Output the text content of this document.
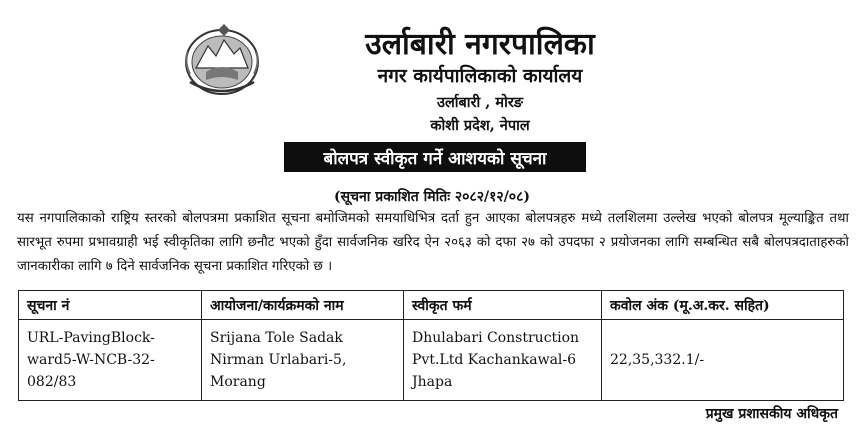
उर्लाबारी नगरपालिका
नगर कार्यपालिकाको कार्यालय
उर्लाबारी , मोरङ
कोशी प्रदेश, नेपाल
बोलपत्र स्वीकृत गर्ने आशयको सूचना
(सूचना प्रकाशित मितिः २०८२/१२/०८)

यस नगपालिकाको राष्ट्रिय स्तरको बोलपत्रमा प्रकाशित सूचना बमोजिमको समयाधिभित्र दर्ता हुन आएका बोलपत्रहरु मध्ये तलशिलमा उल्लेख भएको बोलपत्र मूल्याङ्कित तथा सारभूत रुपमा प्रभावग्राही भई स्वीकृतिका लागि छनौट भएको हुँदा सार्वजनिक खरिद ऐन २०६३ को दफा २७ को उपदफा २ प्रयोजनका लागि सम्बन्धित सबै बोलपत्रदाताहरुको जानकारीका लागि ७ दिने सार्वजनिक सूचना प्रकाशित गरिएको छ ।

सूचना नं	आयोजना/कार्यक्रमको नाम	स्वीकृत फर्म	कवोल अंक (मू.अ.कर. सहित)
URL-PavingBlock-ward5-W-NCB-32-082/83	Srijana Tole Sadak Nirman Urlabari-5, Morang	Dhulabari Construction Pvt.Ltd Kachankawal-6 Jhapa	22,35,332.1/-
प्रमुख प्रशासकीय अधिकृत
